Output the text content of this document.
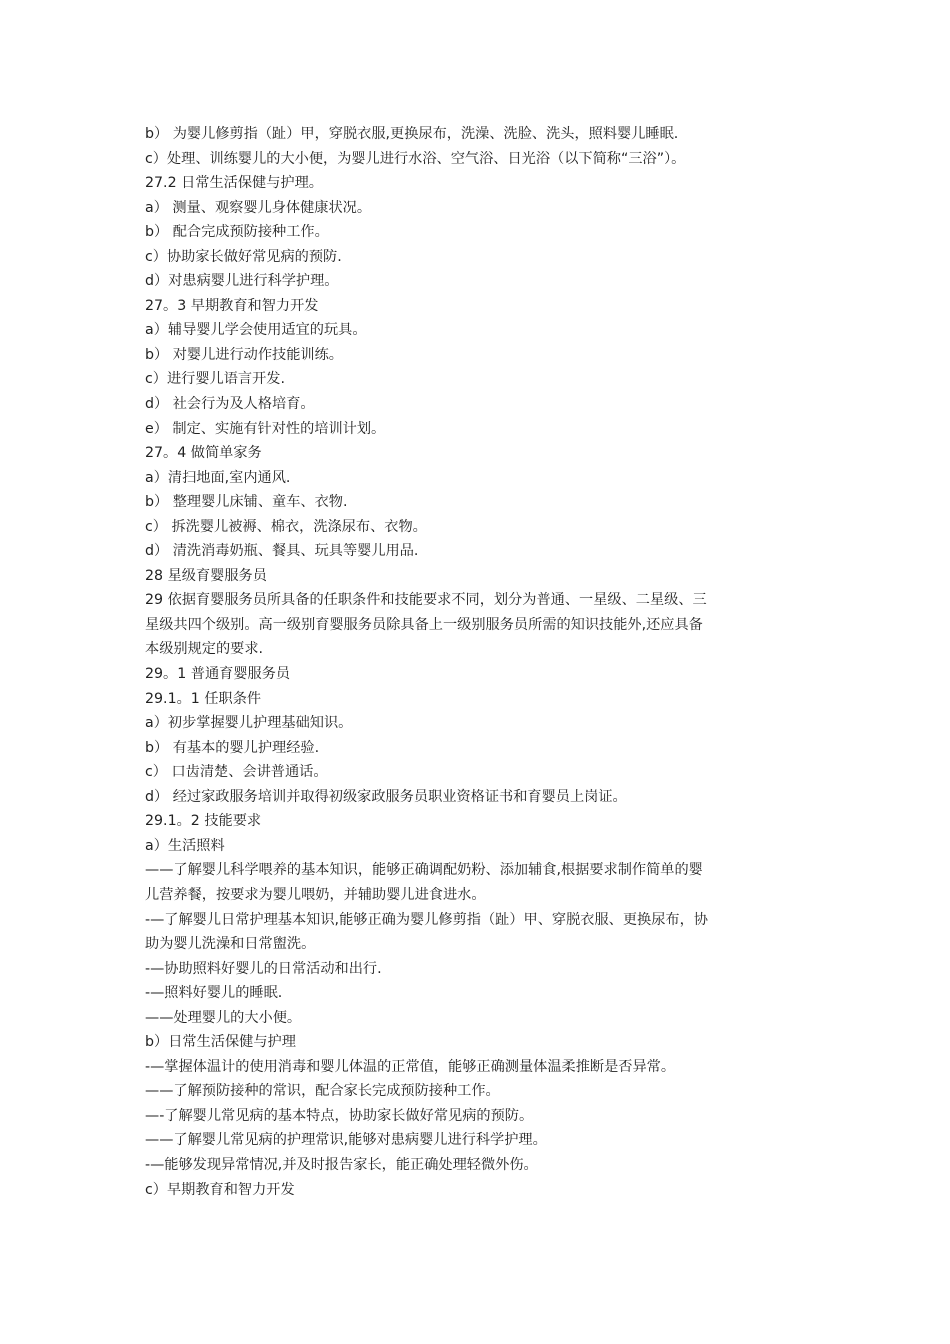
b） 为婴儿修剪指（趾）甲，穿脱衣服,更换尿布，洗澡、洗脸、洗头，照料婴儿睡眠.
c）处理、训练婴儿的大小便，为婴儿进行水浴、空气浴、日光浴（以下简称“三浴”）。
27.2 日常生活保健与护理。
a） 测量、观察婴儿身体健康状况。
b） 配合完成预防接种工作。
c）协助家长做好常见病的预防.
d）对患病婴儿进行科学护理。
27。3 早期教育和智力开发
a）辅导婴儿学会使用适宜的玩具。
b） 对婴儿进行动作技能训练。
c）进行婴儿语言开发.
d） 社会行为及人格培育。
e） 制定、实施有针对性的培训计划。
27。4 做简单家务
a）清扫地面,室内通风.
b） 整理婴儿床铺、童车、衣物.
c） 拆洗婴儿被褥、棉衣，洗涤尿布、衣物。
d） 清洗消毒奶瓶、餐具、玩具等婴儿用品.
28 星级育婴服务员
29 依据育婴服务员所具备的任职条件和技能要求不同，划分为普通、一星级、二星级、三
星级共四个级别。高一级别育婴服务员除具备上一级别服务员所需的知识技能外,还应具备
本级别规定的要求.
29。1 普通育婴服务员
29.1。1 任职条件
a）初步掌握婴儿护理基础知识。
b） 有基本的婴儿护理经验.
c） 口齿清楚、会讲普通话。
d） 经过家政服务培训并取得初级家政服务员职业资格证书和育婴员上岗证。
29.1。2 技能要求
a）生活照料
——了解婴儿科学喂养的基本知识，能够正确调配奶粉、添加辅食,根据要求制作简单的婴
儿营养餐，按要求为婴儿喂奶，并辅助婴儿进食进水。
-—了解婴儿日常护理基本知识,能够正确为婴儿修剪指（趾）甲、穿脱衣服、更换尿布，协
助为婴儿洗澡和日常盥洗。
-—协助照料好婴儿的日常活动和出行.
-—照料好婴儿的睡眠.
——处理婴儿的大小便。
b）日常生活保健与护理
-—掌握体温计的使用消毒和婴儿体温的正常值，能够正确测量体温柔推断是否异常。
——了解预防接种的常识，配合家长完成预防接种工作。
—-了解婴儿常见病的基本特点，协助家长做好常见病的预防。
——了解婴儿常见病的护理常识,能够对患病婴儿进行科学护理。
-—能够发现异常情况,并及时报告家长，能正确处理轻微外伤。
c）早期教育和智力开发
